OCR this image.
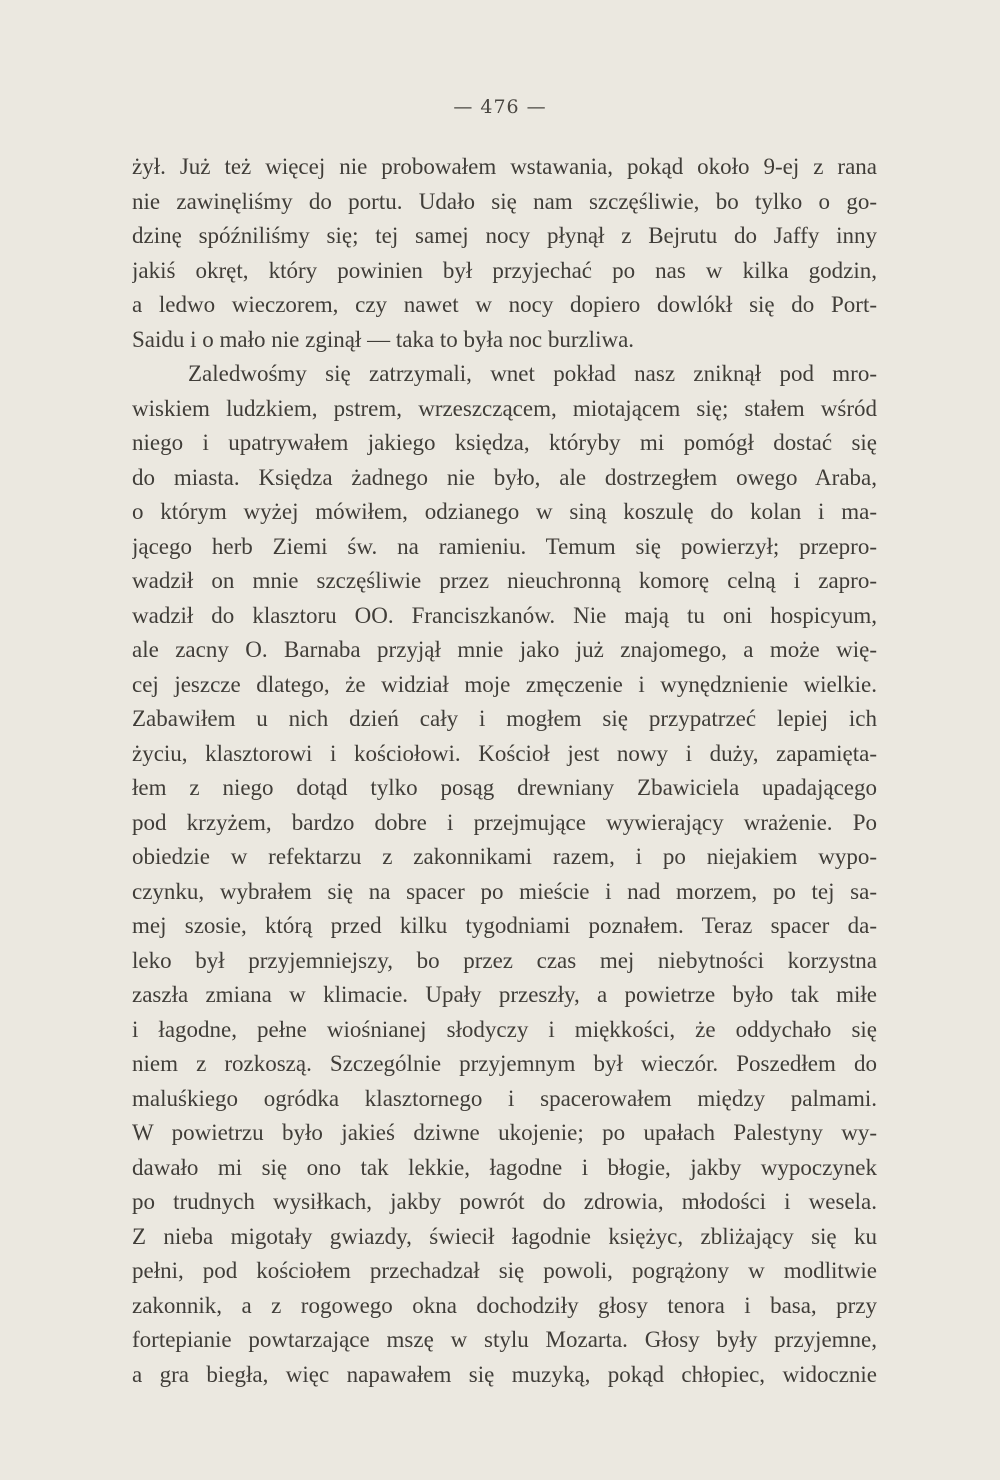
— 476 —
żył. Już też więcej nie probowałem wstawania, pokąd około 9-ej z rana
nie zawinęliśmy do portu. Udało się nam szczęśliwie, bo tylko o go-
dzinę spóźniliśmy się; tej samej nocy płynął z Bejrutu do Jaffy inny
jakiś okręt, który powinien był przyjechać po nas w kilka godzin,
a ledwo wieczorem, czy nawet w nocy dopiero dowlókł się do Port-
Saidu i o mało nie zginął — taka to była noc burzliwa.
Zaledwośmy się zatrzymali, wnet pokład nasz zniknął pod mro-
wiskiem ludzkiem, pstrem, wrzeszczącem, miotającem się; stałem wśród
niego i upatrywałem jakiego księdza, któryby mi pomógł dostać się
do miasta. Księdza żadnego nie było, ale dostrzegłem owego Araba,
o którym wyżej mówiłem, odzianego w siną koszulę do kolan i ma-
jącego herb Ziemi św. na ramieniu. Temum się powierzył; przepro-
wadził on mnie szczęśliwie przez nieuchronną komorę celną i zapro-
wadził do klasztoru OO. Franciszkanów. Nie mają tu oni hospicyum,
ale zacny O. Barnaba przyjął mnie jako już znajomego, a może wię-
cej jeszcze dlatego, że widział moje zmęczenie i wynędznienie wielkie.
Zabawiłem u nich dzień cały i mogłem się przypatrzeć lepiej ich
życiu, klasztorowi i kościołowi. Kościoł jest nowy i duży, zapamięta-
łem z niego dotąd tylko posąg drewniany Zbawiciela upadającego
pod krzyżem, bardzo dobre i przejmujące wywierający wrażenie. Po
obiedzie w refektarzu z zakonnikami razem, i po niejakiem wypo-
czynku, wybrałem się na spacer po mieście i nad morzem, po tej sa-
mej szosie, którą przed kilku tygodniami poznałem. Teraz spacer da-
leko był przyjemniejszy, bo przez czas mej niebytności korzystna
zaszła zmiana w klimacie. Upały przeszły, a powietrze było tak miłe
i łagodne, pełne wiośnianej słodyczy i miękkości, że oddychało się
niem z rozkoszą. Szczególnie przyjemnym był wieczór. Poszedłem do
maluśkiego ogródka klasztornego i spacerowałem między palmami.
W powietrzu było jakieś dziwne ukojenie; po upałach Palestyny wy-
dawało mi się ono tak lekkie, łagodne i błogie, jakby wypoczynek
po trudnych wysiłkach, jakby powrót do zdrowia, młodości i wesela.
Z nieba migotały gwiazdy, świecił łagodnie księżyc, zbliżający się ku
pełni, pod kościołem przechadzał się powoli, pogrążony w modlitwie
zakonnik, a z rogowego okna dochodziły głosy tenora i basa, przy
fortepianie powtarzające mszę w stylu Mozarta. Głosy były przyjemne,
a gra biegła, więc napawałem się muzyką, pokąd chłopiec, widocznie
